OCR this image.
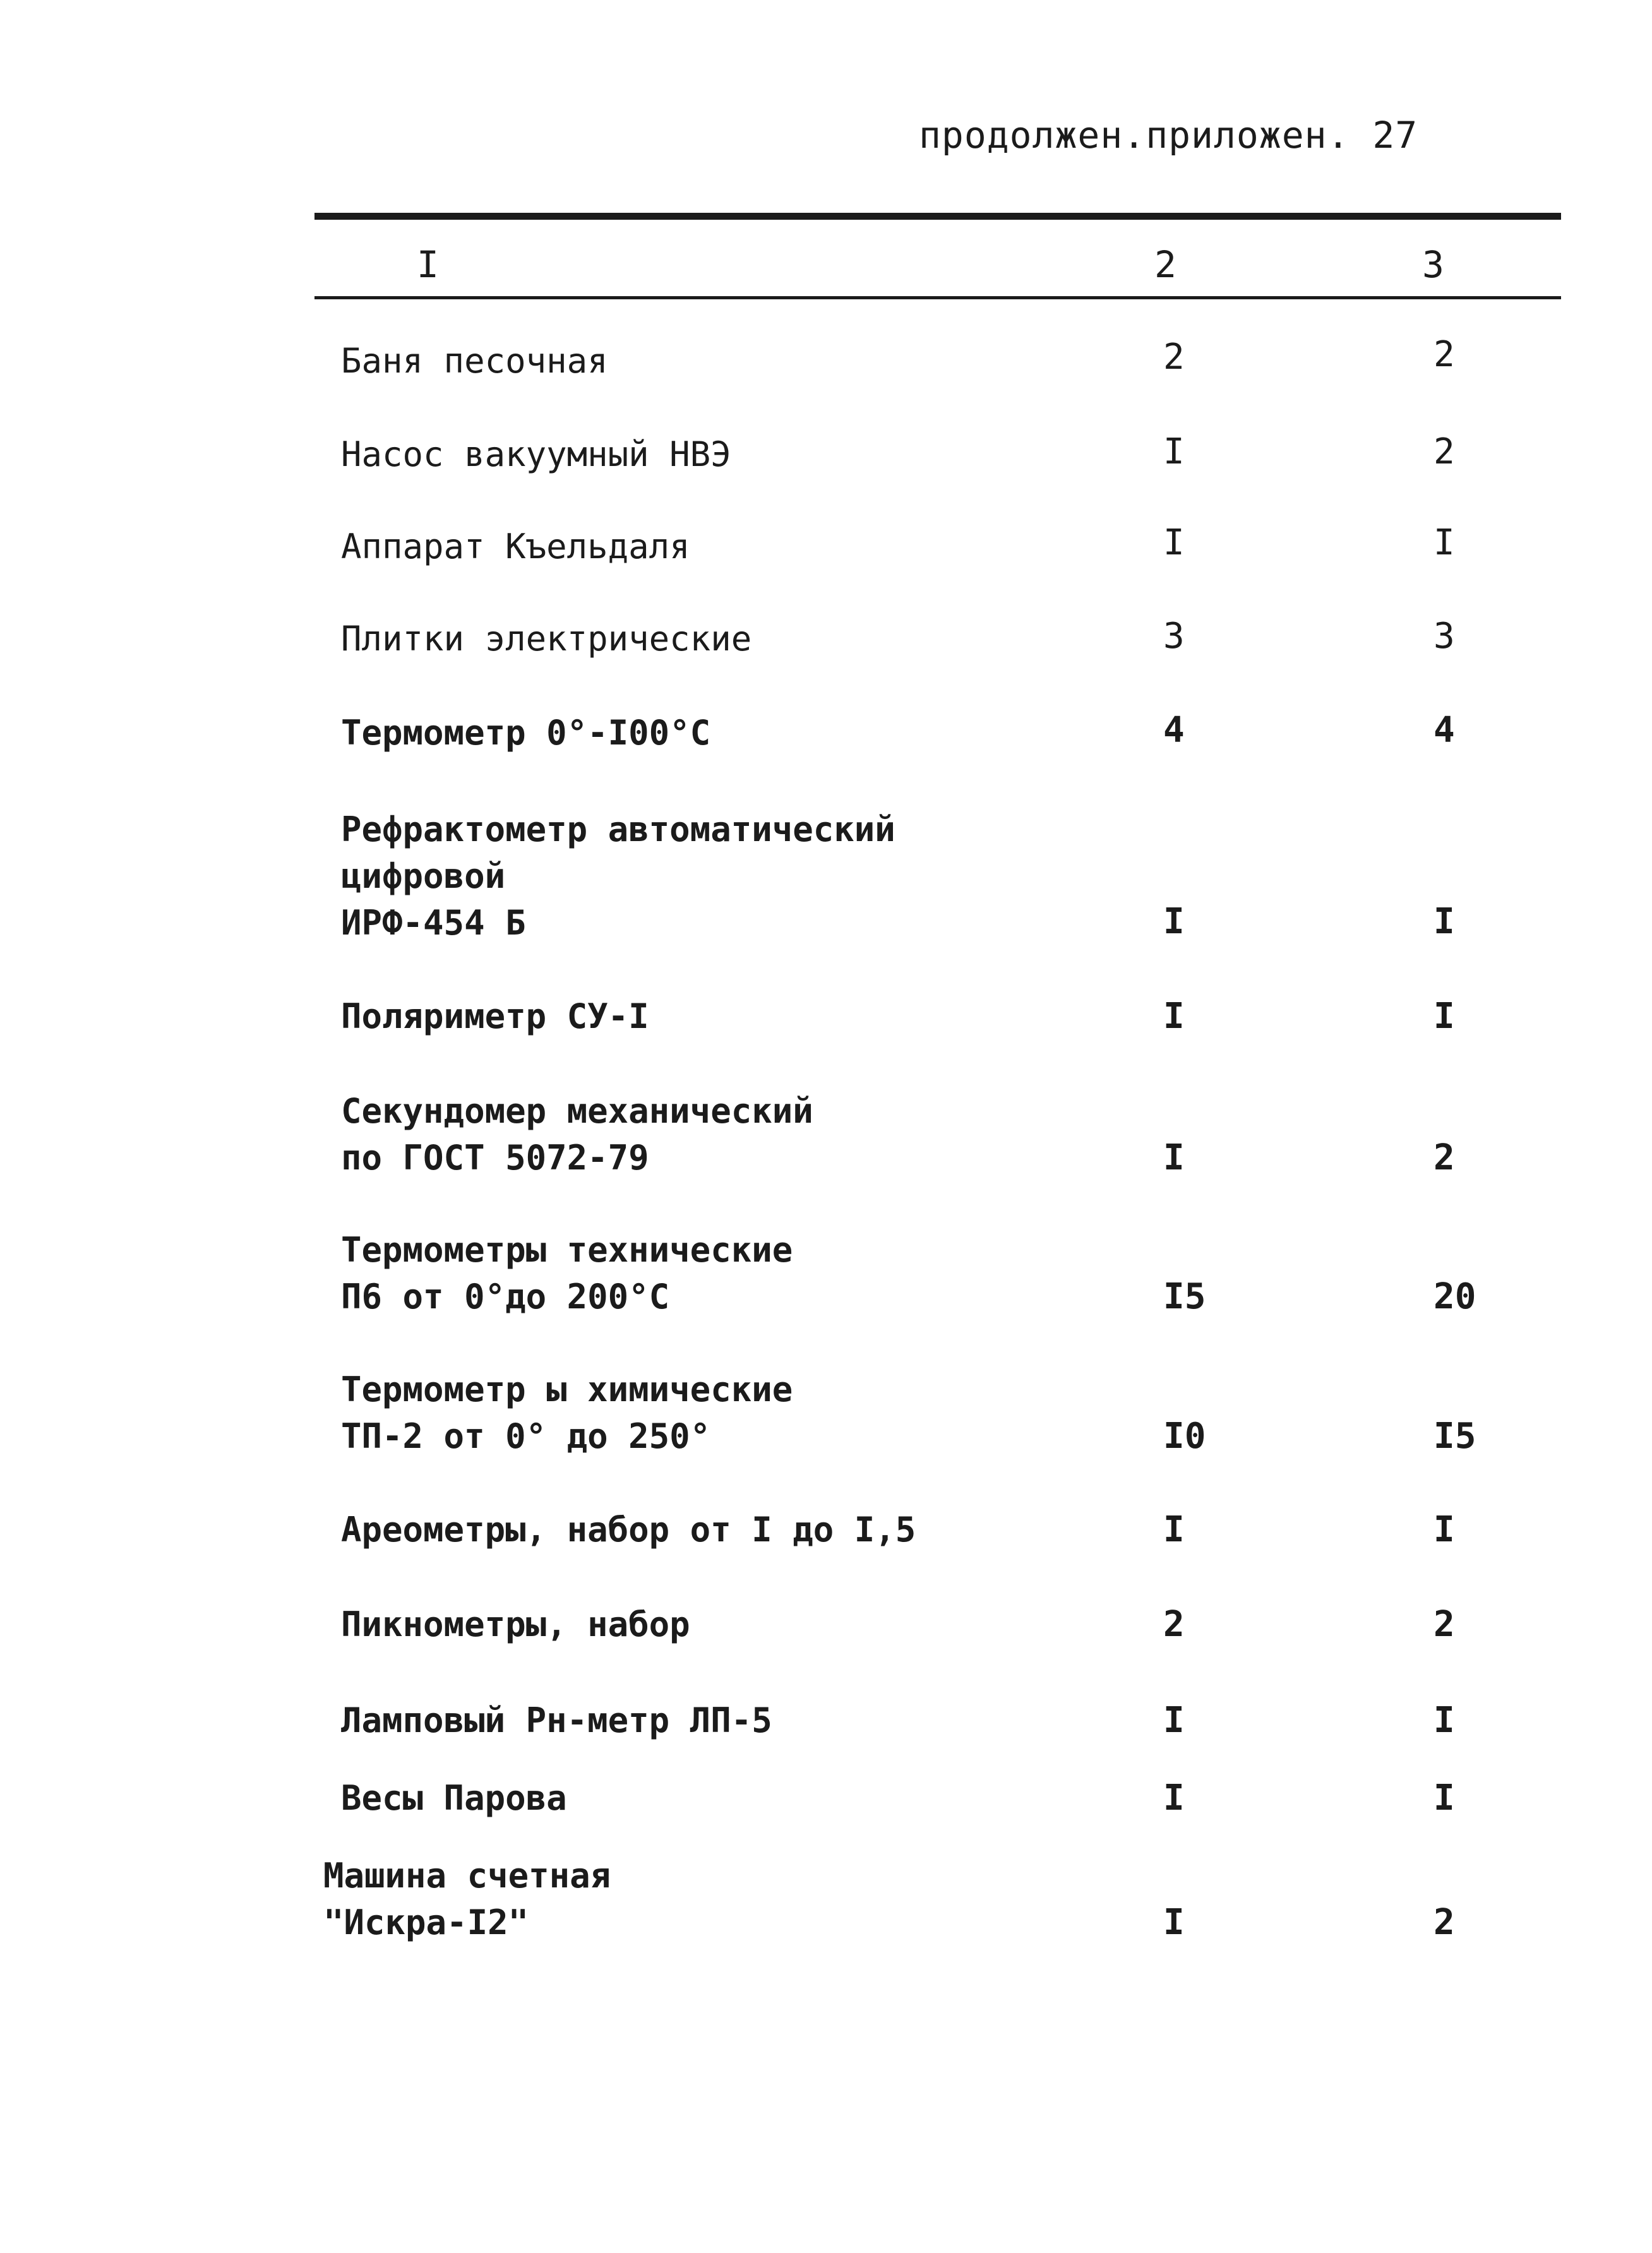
продолжен.приложен. 27
I	2	3
Баня песочная	2	2
Насос вакуумный НВЭ	I	2
Аппарат Къельдаля	I	I
Плитки электрические	3	3
Термометр 0°-I00°С	4	4
Рефрактометр автоматический
цифровой
ИРФ-454 Б	I	I
Поляриметр СУ-I	I	I
Секундомер механический
по ГОСТ 5072-79	I	2
Термометры технические
П6 от 0°до 200°С	I5	20
Термометр ы химические
ТП-2 от 0° до 250°	I0	I5
Ареометры, набор от I до I,5	I	I
Пикнометры, набор	2	2
Ламповый Рн-метр ЛП-5	I	I
Весы Парова	I	I
Машина счетная
"Искра-I2"	I	2
